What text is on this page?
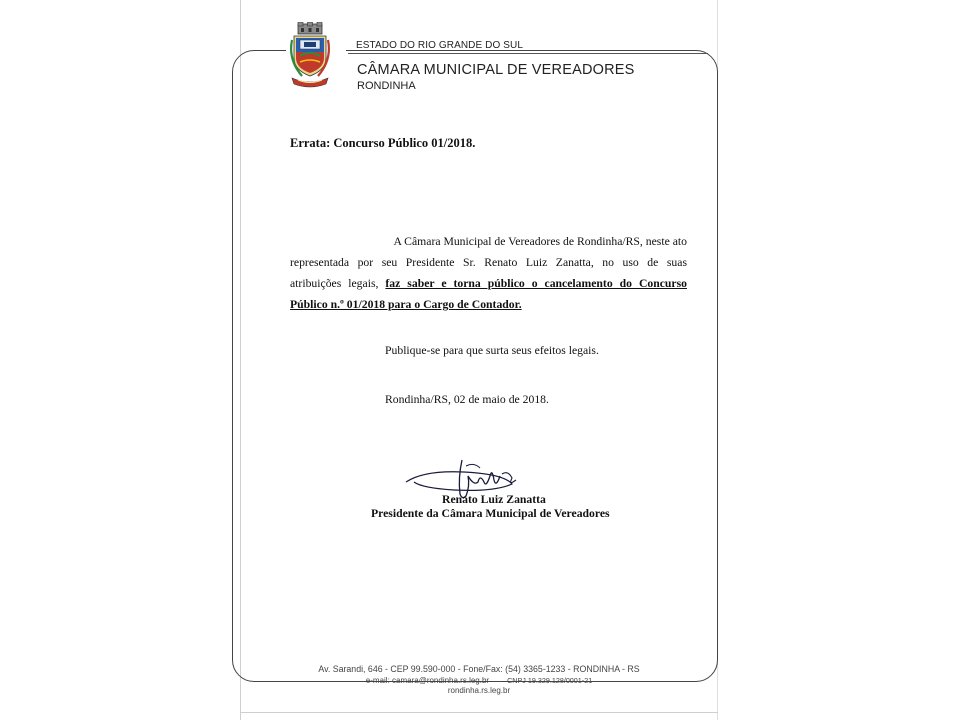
ESTADO DO RIO GRANDE DO SUL
CÂMARA MUNICIPAL DE VEREADORES
RONDINHA
Errata: Concurso Público 01/2018.
A Câmara Municipal de Vereadores de Rondinha/RS, neste ato
representada por seu Presidente Sr. Renato Luiz Zanatta, no uso de suas
atribuições legais, faz saber e torna público o cancelamento do Concurso
Público n.º 01/2018 para o Cargo de Contador.
Publique-se para que surta seus efeitos legais.
Rondinha/RS, 02 de maio de 2018.
Renato Luiz Zanatta
Presidente da Câmara Municipal de Vereadores
Av. Sarandi, 646 - CEP 99.590-000 - Fone/Fax: (54) 3365-1233 - RONDINHA - RS
e-mail: camara@rondinha.rs.leg.br	CNPJ 19.329.128/0001-21
rondinha.rs.leg.br
